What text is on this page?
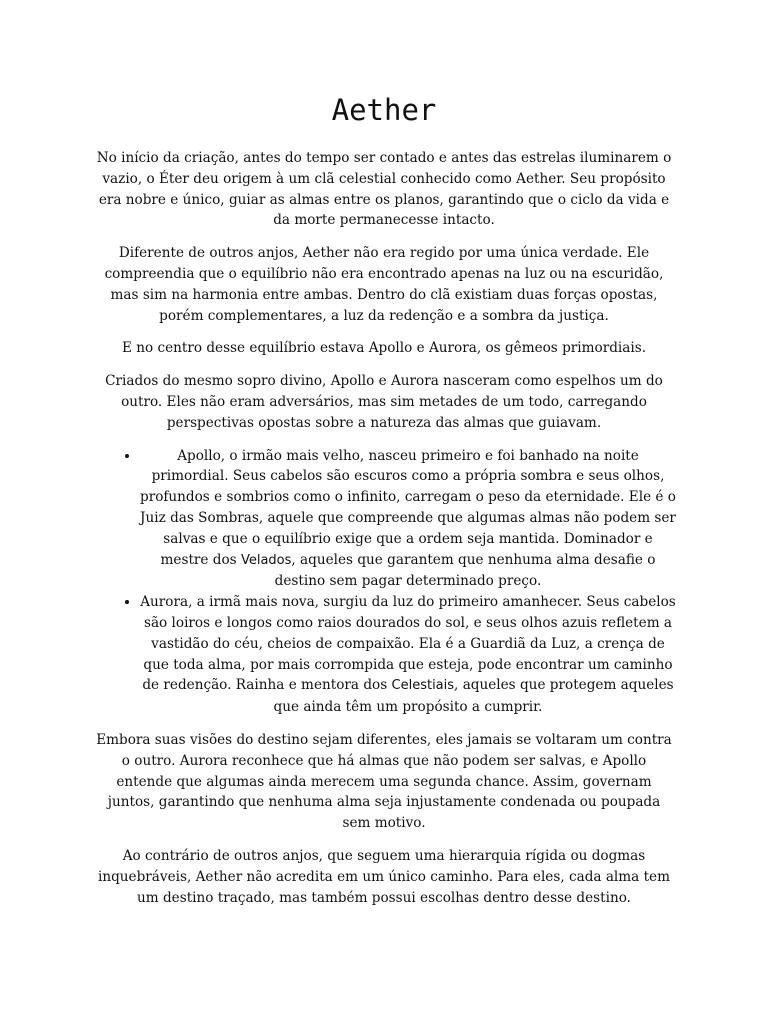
Aether

No início da criação, antes do tempo ser contado e antes das estrelas iluminarem o vazio, o Éter deu origem à um clã celestial conhecido como Aether. Seu propósito era nobre e único, guiar as almas entre os planos, garantindo que o ciclo da vida e da morte permanecesse intacto.

Diferente de outros anjos, Aether não era regido por uma única verdade. Ele compreendia que o equilíbrio não era encontrado apenas na luz ou na escuridão, mas sim na harmonia entre ambas. Dentro do clã existiam duas forças opostas, porém complementares, a luz da redenção e a sombra da justiça.

E no centro desse equilíbrio estava Apollo e Aurora, os gêmeos primordiais.

Criados do mesmo sopro divino, Apollo e Aurora nasceram como espelhos um do outro. Eles não eram adversários, mas sim metades de um todo, carregando perspectivas opostas sobre a natureza das almas que guiavam.

• Apollo, o irmão mais velho, nasceu primeiro e foi banhado na noite primordial. Seus cabelos são escuros como a própria sombra e seus olhos, profundos e sombrios como o infinito, carregam o peso da eternidade. Ele é o Juiz das Sombras, aquele que compreende que algumas almas não podem ser salvas e que o equilíbrio exige que a ordem seja mantida. Dominador e mestre dos Velados, aqueles que garantem que nenhuma alma desafie o destino sem pagar determinado preço.
• Aurora, a irmã mais nova, surgiu da luz do primeiro amanhecer. Seus cabelos são loiros e longos como raios dourados do sol, e seus olhos azuis refletem a vastidão do céu, cheios de compaixão. Ela é a Guardiã da Luz, a crença de que toda alma, por mais corrompida que esteja, pode encontrar um caminho de redenção. Rainha e mentora dos Celestiais, aqueles que protegem aqueles que ainda têm um propósito a cumprir.

Embora suas visões do destino sejam diferentes, eles jamais se voltaram um contra o outro. Aurora reconhece que há almas que não podem ser salvas, e Apollo entende que algumas ainda merecem uma segunda chance. Assim, governam juntos, garantindo que nenhuma alma seja injustamente condenada ou poupada sem motivo.

Ao contrário de outros anjos, que seguem uma hierarquia rígida ou dogmas inquebráveis, Aether não acredita em um único caminho. Para eles, cada alma tem um destino traçado, mas também possui escolhas dentro desse destino.
